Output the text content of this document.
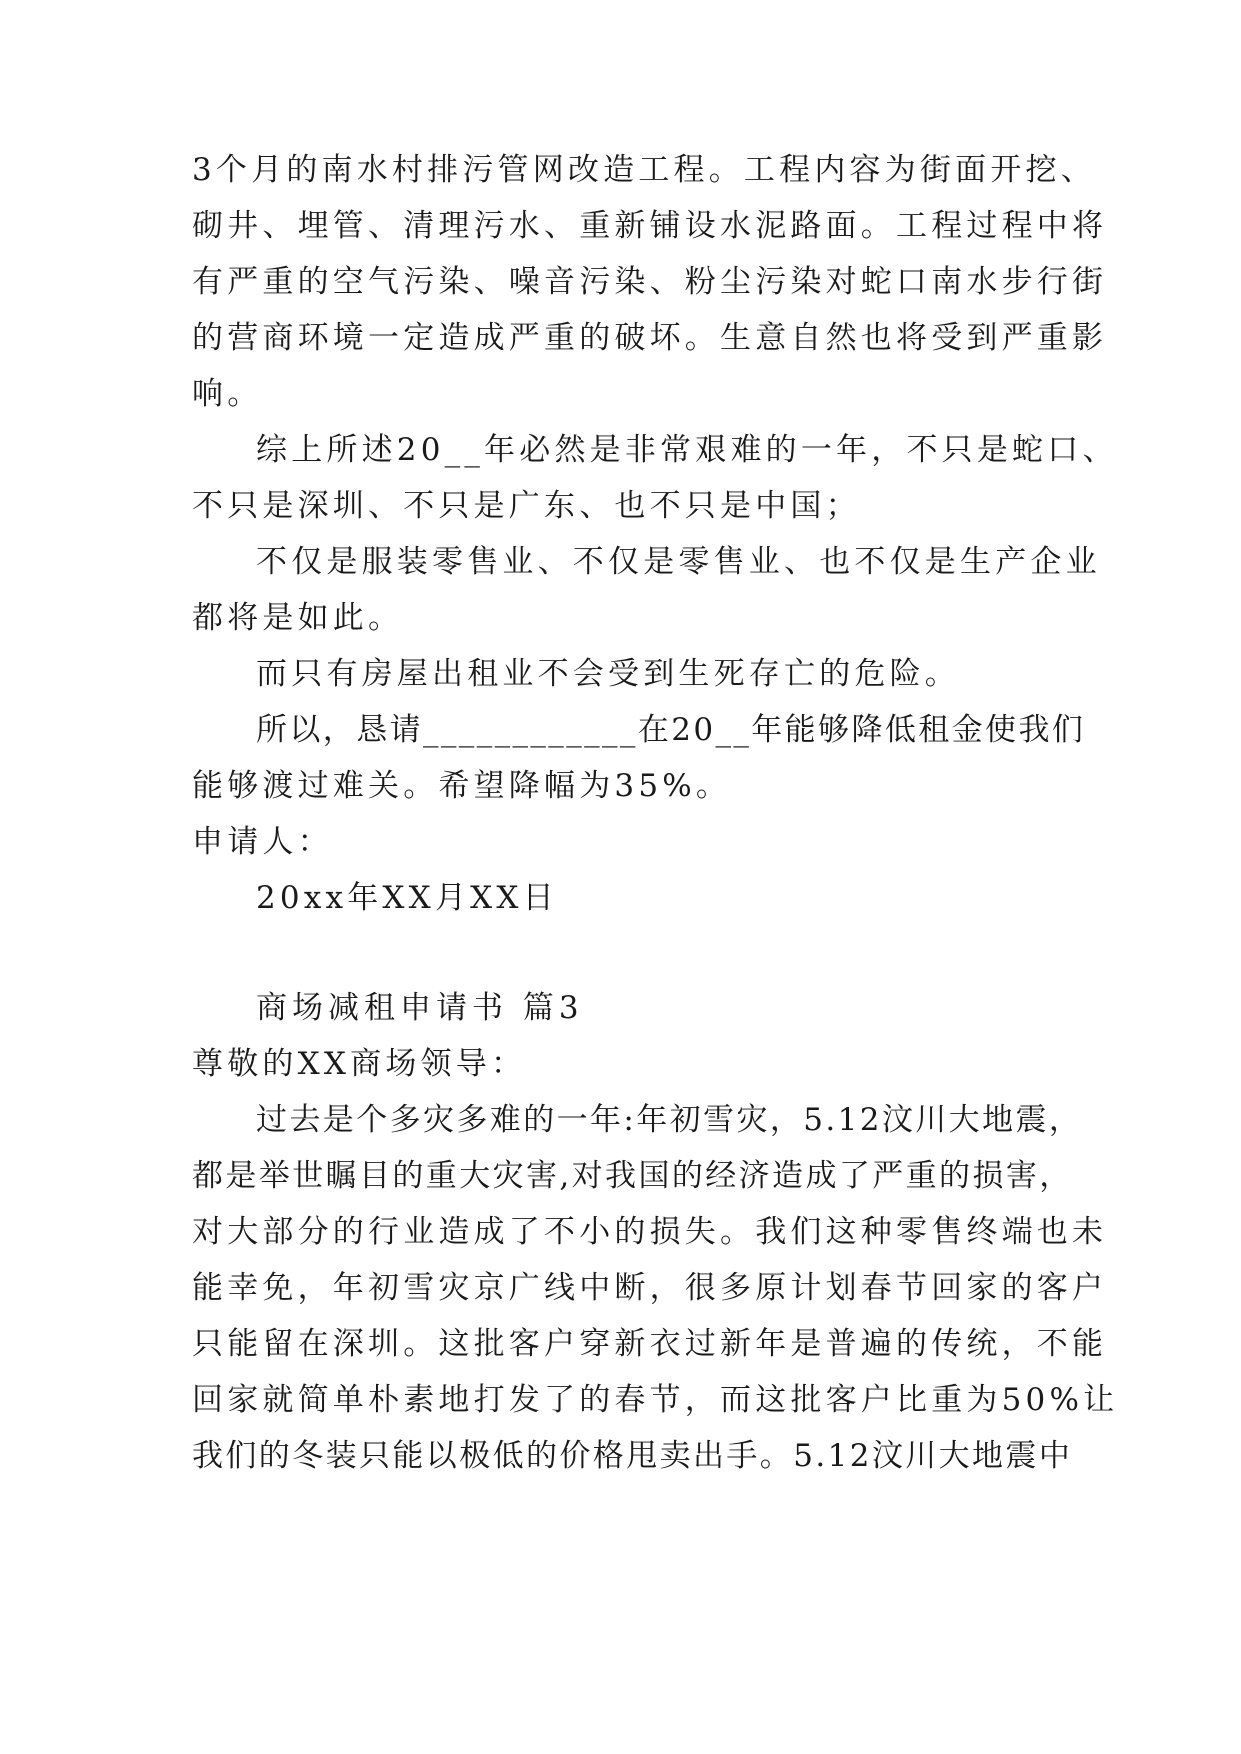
3个月的南水村排污管网改造工程。工程内容为街面开挖、
砌井、埋管、清理污水、重新铺设水泥路面。工程过程中将
有严重的空气污染、噪音污染、粉尘污染对蛇口南水步行街
的营商环境一定造成严重的破坏。生意自然也将受到严重影
响。
综上所述20__年必然是非常艰难的一年，不只是蛇口、
不只是深圳、不只是广东、也不只是中国；
不仅是服装零售业、不仅是零售业、也不仅是生产企业
都将是如此。
而只有房屋出租业不会受到生死存亡的危险。
所以，恳请____________在20__年能够降低租金使我们
能够渡过难关。希望降幅为35%。
申请人：
20xx年XX月XX日
商场减租申请书 篇3
尊敬的XX商场领导：
过去是个多灾多难的一年:年初雪灾，5.12汶川大地震，
都是举世瞩目的重大灾害,对我国的经济造成了严重的损害，
对大部分的行业造成了不小的损失。我们这种零售终端也未
能幸免，年初雪灾京广线中断，很多原计划春节回家的客户
只能留在深圳。这批客户穿新衣过新年是普遍的传统，不能
回家就简单朴素地打发了的春节，而这批客户比重为50%让
我们的冬装只能以极低的价格甩卖出手。5.12汶川大地震中
